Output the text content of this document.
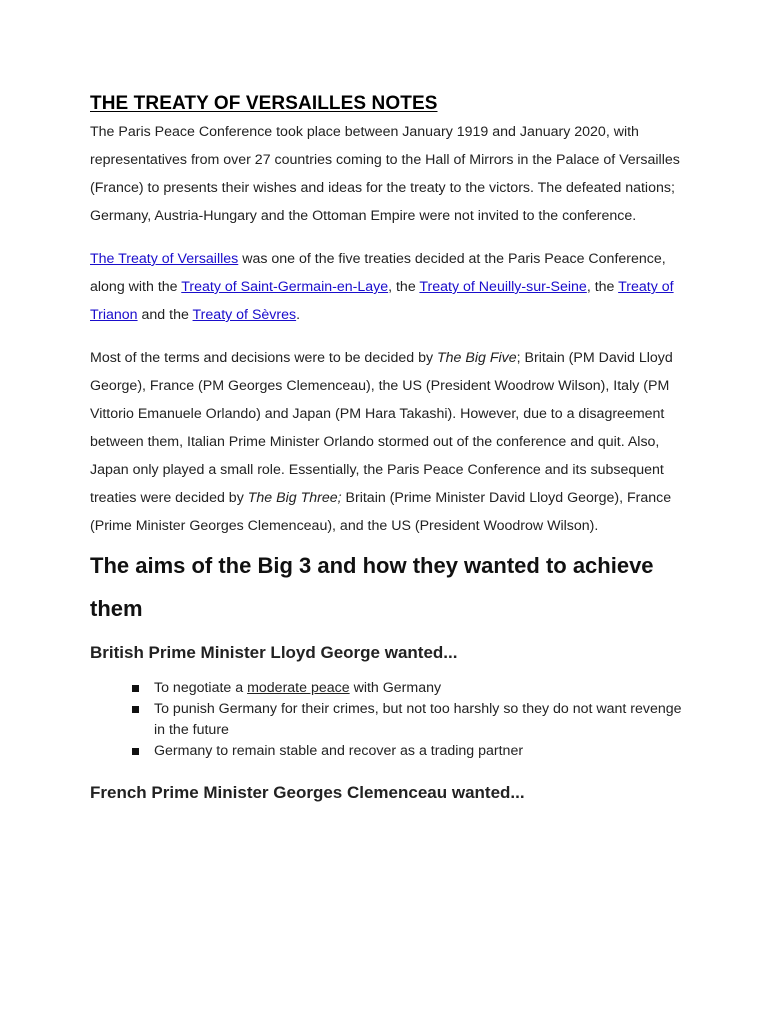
THE TREATY OF VERSAILLES NOTES

The Paris Peace Conference took place between January 1919 and January 2020, with representatives from over 27 countries coming to the Hall of Mirrors in the Palace of Versailles (France) to presents their wishes and ideas for the treaty to the victors. The defeated nations; Germany, Austria-Hungary and the Ottoman Empire were not invited to the conference.

The Treaty of Versailles was one of the five treaties decided at the Paris Peace Conference, along with the Treaty of Saint-Germain-en-Laye, the Treaty of Neuilly-sur-Seine, the Treaty of Trianon and the Treaty of Sèvres.

Most of the terms and decisions were to be decided by The Big Five; Britain (PM David Lloyd George), France (PM Georges Clemenceau), the US (President Woodrow Wilson), Italy (PM Vittorio Emanuele Orlando) and Japan (PM Hara Takashi). However, due to a disagreement between them, Italian Prime Minister Orlando stormed out of the conference and quit. Also, Japan only played a small role. Essentially, the Paris Peace Conference and its subsequent treaties were decided by The Big Three; Britain (Prime Minister David Lloyd George), France (Prime Minister Georges Clemenceau), and the US (President Woodrow Wilson).

The aims of the Big 3 and how they wanted to achieve them
British Prime Minister Lloyd George wanted...
To negotiate a moderate peace with Germany
To punish Germany for their crimes, but not too harshly so they do not want revenge in the future
Germany to remain stable and recover as a trading partner
French Prime Minister Georges Clemenceau wanted...
